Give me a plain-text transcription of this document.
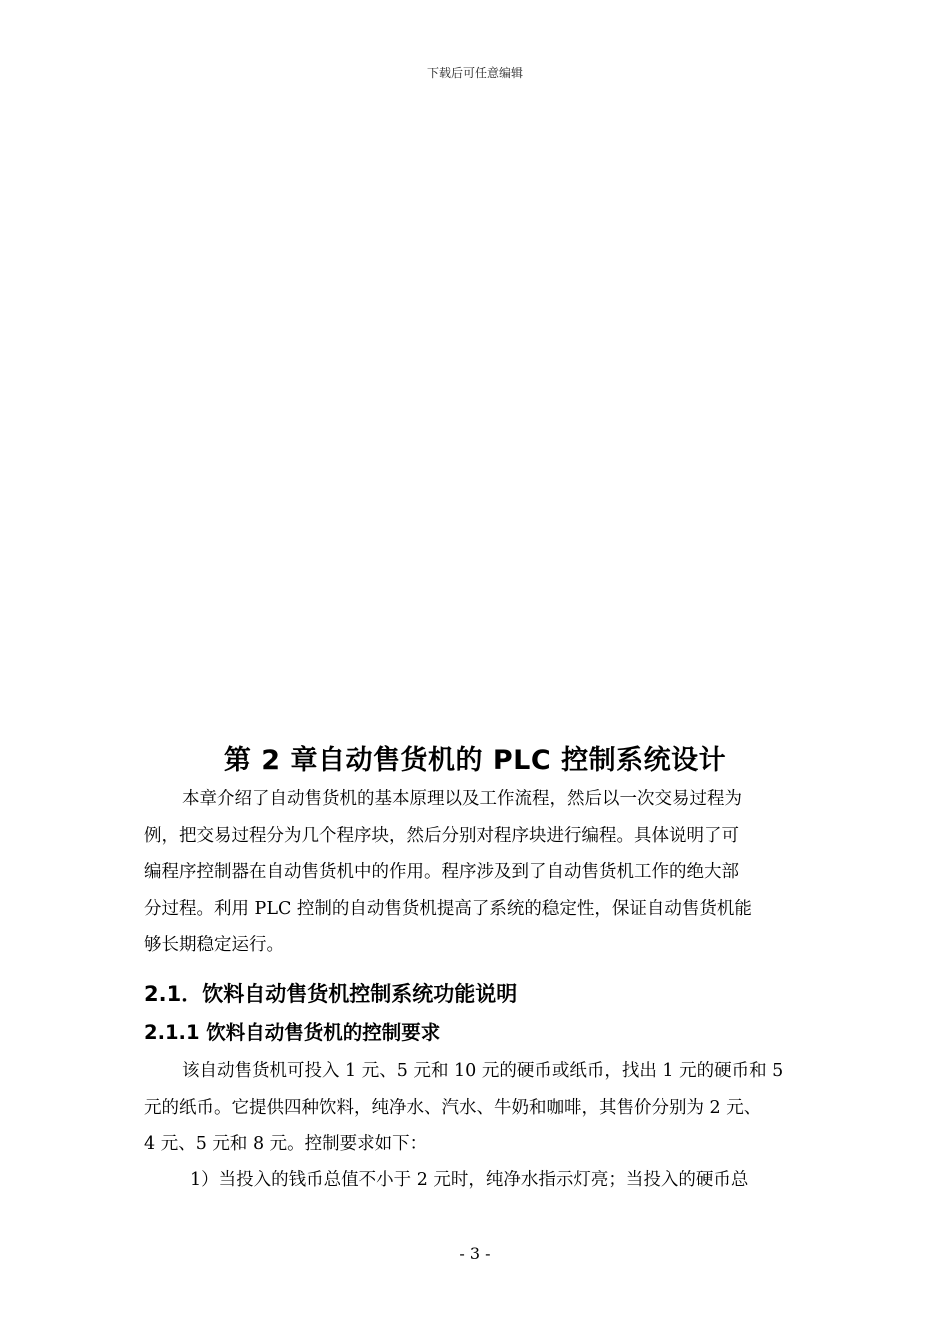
下载后可任意编辑
第 2 章自动售货机的 PLC 控制系统设计
本章介绍了自动售货机的基本原理以及工作流程，然后以一次交易过程为
例，把交易过程分为几个程序块，然后分别对程序块进行编程。具体说明了可
编程序控制器在自动售货机中的作用。程序涉及到了自动售货机工作的绝大部
分过程。利用 PLC 控制的自动售货机提高了系统的稳定性，保证自动售货机能
够长期稳定运行。
2.1．饮料自动售货机控制系统功能说明
2.1.1 饮料自动售货机的控制要求
该自动售货机可投入 1 元、5 元和 10 元的硬币或纸币，找出 1 元的硬币和 5
元的纸币。它提供四种饮料，纯净水、汽水、牛奶和咖啡，其售价分别为 2 元、
4 元、5 元和 8 元。控制要求如下：
1）当投入的钱币总值不小于 2 元时，纯净水指示灯亮；当投入的硬币总
- 3 -
